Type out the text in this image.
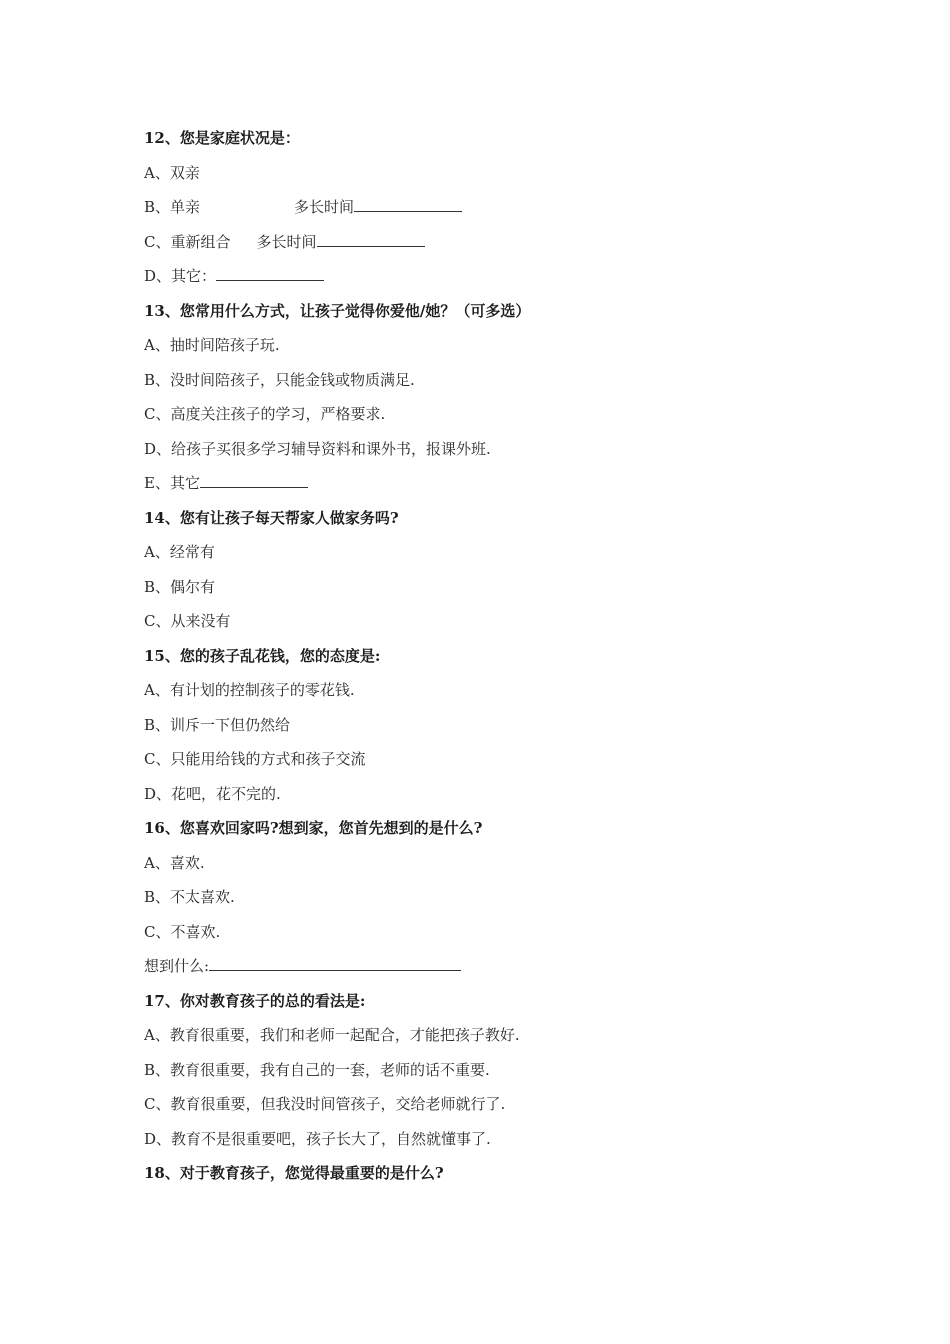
12、您是家庭状况是：
A、双亲
B、单亲	多长时间
C、重新组合 多长时间
D、其它：
13、您常用什么方式，让孩子觉得你爱他/她？（可多选）
A、抽时间陪孩子玩.
B、没时间陪孩子，只能金钱或物质满足.
C、高度关注孩子的学习，严格要求.
D、给孩子买很多学习辅导资料和课外书，报课外班.
E、其它
14、您有让孩子每天帮家人做家务吗?
A、经常有
B、偶尔有
C、从来没有
15、您的孩子乱花钱，您的态度是:
A、有计划的控制孩子的零花钱.
B、训斥一下但仍然给
C、只能用给钱的方式和孩子交流
D、花吧，花不完的.
16、您喜欢回家吗?想到家，您首先想到的是什么?
A、喜欢.
B、不太喜欢.
C、不喜欢.
想到什么:
17、你对教育孩子的总的看法是:
A、教育很重要，我们和老师一起配合，才能把孩子教好.
B、教育很重要，我有自己的一套，老师的话不重要.
C、教育很重要，但我没时间管孩子，交给老师就行了.
D、教育不是很重要吧，孩子长大了，自然就懂事了.
18、对于教育孩子，您觉得最重要的是什么?
